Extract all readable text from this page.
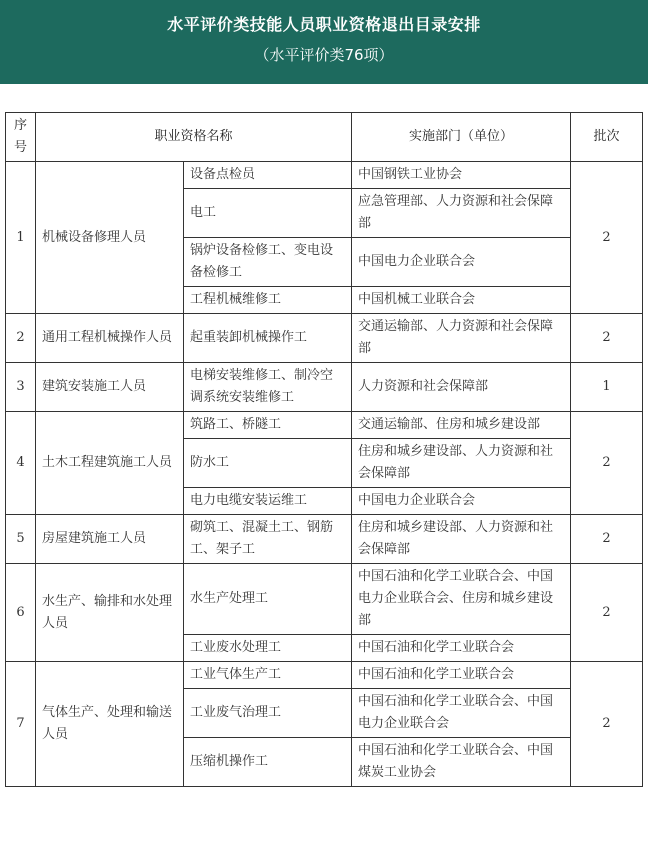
水平评价类技能人员职业资格退出目录安排
（水平评价类76项）
序号	职业资格名称		实施部门（单位）	批次
1	机械设备修理人员	设备点检员	中国钢铁工业协会	2
		电工	应急管理部、人力资源和社会保障部	
		锅炉设备检修工、变电设备检修工	中国电力企业联合会	
		工程机械维修工	中国机械工业联合会	
2	通用工程机械操作人员	起重装卸机械操作工	交通运输部、人力资源和社会保障部	2
3	建筑安装施工人员	电梯安装维修工、制冷空调系统安装维修工	人力资源和社会保障部	1
4	土木工程建筑施工人员	筑路工、桥隧工	交通运输部、住房和城乡建设部	2
		防水工	住房和城乡建设部、人力资源和社会保障部	
		电力电缆安装运维工	中国电力企业联合会	
5	房屋建筑施工人员	砌筑工、混凝土工、钢筋工、架子工	住房和城乡建设部、人力资源和社会保障部	2
6	水生产、输排和水处理人员	水生产处理工	中国石油和化学工业联合会、中国电力企业联合会、住房和城乡建设部	2
		工业废水处理工	中国石油和化学工业联合会	
7	气体生产、处理和输送人员	工业气体生产工	中国石油和化学工业联合会	2
		工业废气治理工	中国石油和化学工业联合会、中国电力企业联合会	
		压缩机操作工	中国石油和化学工业联合会、中国煤炭工业协会	
